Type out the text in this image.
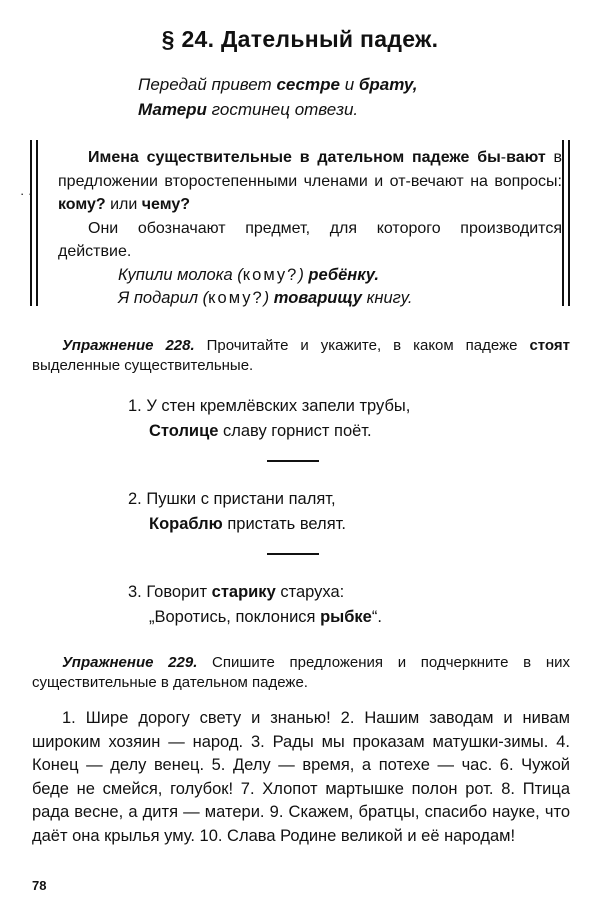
§ 24. Дательный падеж.
Передай привет сестре и брату,
Матери гостинец отвези.
· ·

Имена существительные в дательном падеже бы-вают в предложении второстепенными членами и от-вечают на вопросы: кому? или чему?

Они обозначают предмет, для которого производится действие.

Купили молока (кому?) ребёнку.

Я подарил (кому?) товарищу книгу.

Упражнение 228. Прочитайте и укажите, в каком падеже стоят выделенные существительные.
1. У стен кремлёвских запели трубы,
Столице славу горнист поёт.
2. Пушки с пристани палят,
Кораблю пристать велят.
3. Говорит старику старуха:
„Воротись, поклонися рыбке“.
Упражнение 229. Спишите предложения и подчеркните в них существительные в дательном падеже.
1. Шире дорогу свету и знанью! 2. Нашим заводам и нивам широким хозяин — народ. 3. Рады мы проказам матушки-зимы. 4. Конец — делу венец. 5. Делу — время, а потехе — час. 6. Чужой беде не смейся, голубок! 7. Хлопот мартышке полон рот. 8. Птица рада весне, а дитя — матери. 9. Скажем, братцы, спасибо науке, что даёт она крылья уму. 10. Слава Родине великой и её народам!
78
